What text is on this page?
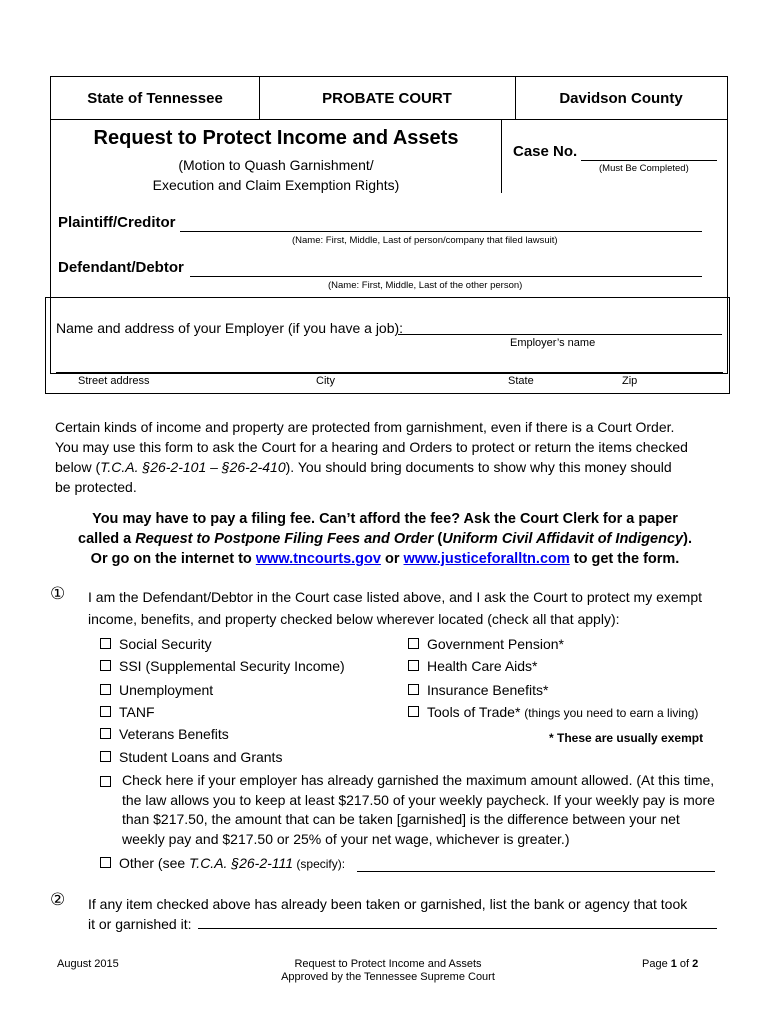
State of Tennessee	PROBATE COURT	Davidson County
Request to Protect Income and Assets
(Motion to Quash Garnishment/
Execution and Claim Exemption Rights)
Case No.
(Must Be Completed)
Plaintiff/Creditor
(Name: First, Middle, Last of person/company that filed lawsuit)
Defendant/Debtor
(Name: First, Middle, Last of the other person)
Name and address of your Employer (if you have a job):
Employer’s name
Street address	City	State	Zip
Certain kinds of income and property are protected from garnishment, even if there is a Court Order.
You may use this form to ask the Court for a hearing and Orders to protect or return the items checked
below (T.C.A. §26-2-101 – §26-2-410). You should bring documents to show why this money should
be protected.
You may have to pay a filing fee. Can’t afford the fee? Ask the Court Clerk for a paper
called a Request to Postpone Filing Fees and Order (Uniform Civil Affidavit of Indigency).
Or go on the internet to www.tncourts.gov or www.justiceforalltn.com to get the form.
① I am the Defendant/Debtor in the Court case listed above, and I ask the Court to protect my exempt
income, benefits, and property checked below wherever located (check all that apply):
Social Security
SSI (Supplemental Security Income)
Unemployment
TANF
Veterans Benefits
Student Loans and Grants
Government Pension*
Health Care Aids*
Insurance Benefits*
Tools of Trade* (things you need to earn a living)
* These are usually exempt
Check here if your employer has already garnished the maximum amount allowed. (At this time,
the law allows you to keep at least $217.50 of your weekly paycheck. If your weekly pay is more
than $217.50, the amount that can be taken [garnished] is the difference between your net
weekly pay and $217.50 or 25% of your net wage, whichever is greater.)
Other (see T.C.A. §26-2-111 (specify):
② If any item checked above has already been taken or garnished, list the bank or agency that took
it or garnished it:
August 2015	Request to Protect Income and Assets
Approved by the Tennessee Supreme Court
Page 1 of 2
